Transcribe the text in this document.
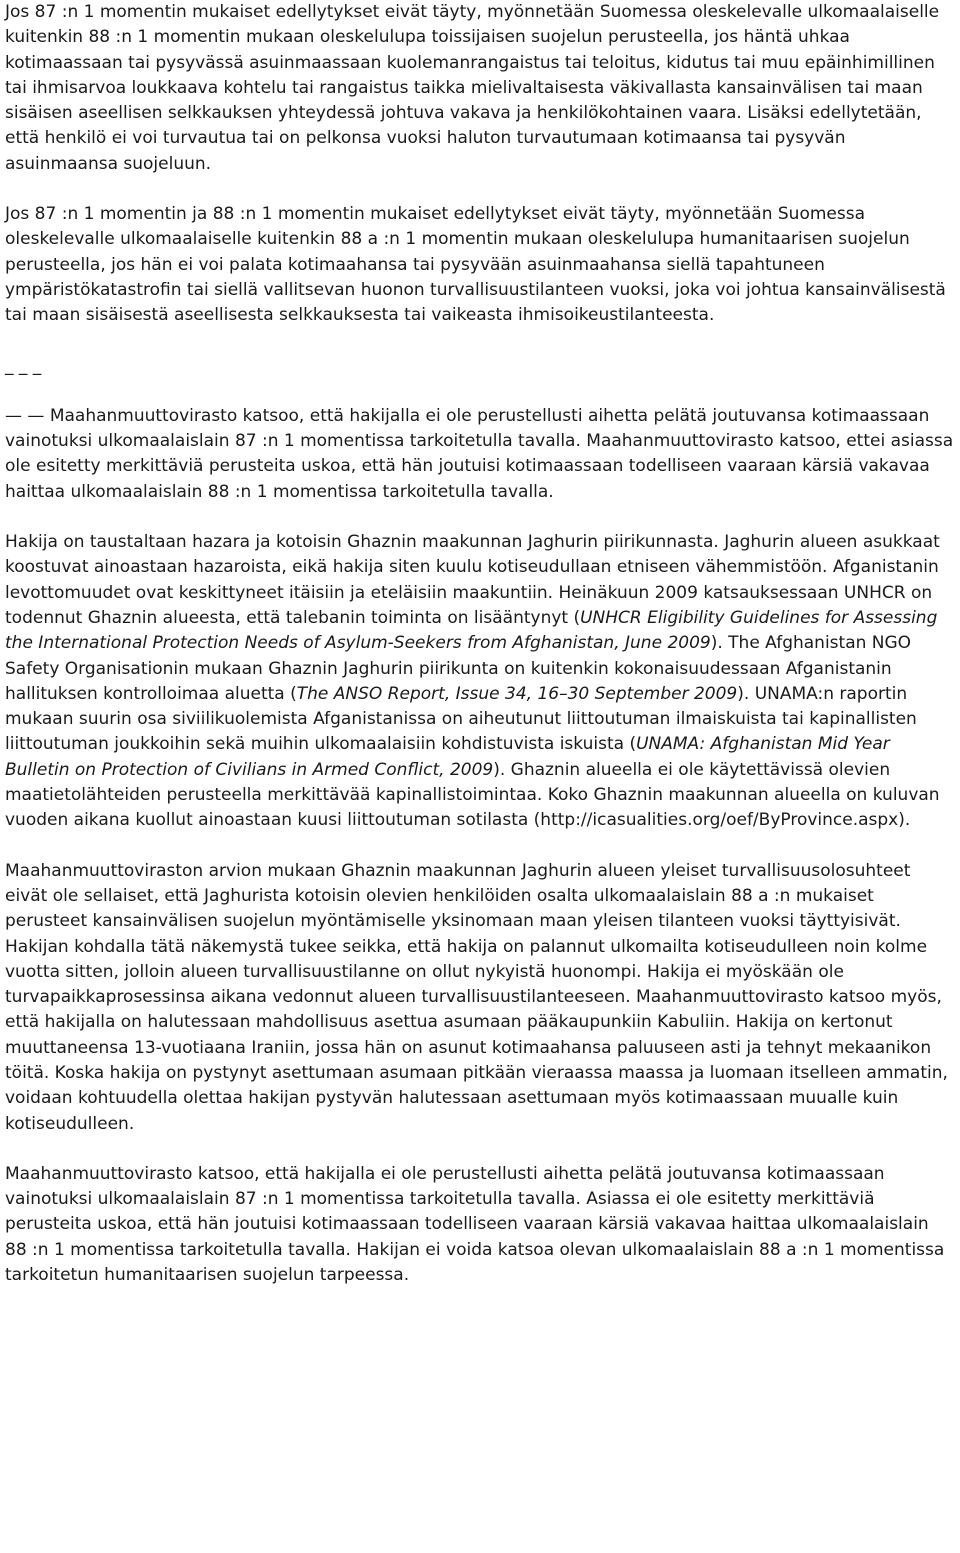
Jos 87 :n 1 momentin mukaiset edellytykset eivät täyty, myönnetään Suomessa oleskelevalle ulkomaalaiselle kuitenkin 88 :n 1 momentin mukaan oleskelulupa toissijaisen suojelun perusteella, jos häntä uhkaa kotimaassaan tai pysyvässä asuinmaassaan kuolemanrangaistus tai teloitus, kidutus tai muu epäinhimillinen tai ihmisarvoa loukkaava kohtelu tai rangaistus taikka mielivaltaisesta väkivallasta kansainvälisen tai maan sisäisen aseellisen selkkauksen yhteydessä johtuva vakava ja henkilökohtainen vaara. Lisäksi edellytetään, että henkilö ei voi turvautua tai on pelkonsa vuoksi haluton turvautumaan kotimaansa tai pysyvän asuinmaansa suojeluun.

Jos 87 :n 1 momentin ja 88 :n 1 momentin mukaiset edellytykset eivät täyty, myönnetään Suomessa oleskelevalle ulkomaalaiselle kuitenkin 88 a :n 1 momentin mukaan oleskelulupa humanitaarisen suojelun perusteella, jos hän ei voi palata kotimaahansa tai pysyvään asuinmaahansa siellä tapahtuneen ympäristökatastrofin tai siellä vallitsevan huonon turvallisuustilanteen vuoksi, joka voi johtua kansainvälisestä tai maan sisäisestä aseellisesta selkkauksesta tai vaikeasta ihmisoikeustilanteesta.

_ _ _

— — Maahanmuuttovirasto katsoo, että hakijalla ei ole perustellusti aihetta pelätä joutuvansa kotimaassaan vainotuksi ulkomaalaislain 87 :n 1 momentissa tarkoitetulla tavalla. Maahanmuuttovirasto katsoo, ettei asiassa ole esitetty merkittäviä perusteita uskoa, että hän joutuisi kotimaassaan todelliseen vaaraan kärsiä vakavaa haittaa ulkomaalaislain 88 :n 1 momentissa tarkoitetulla tavalla.

Hakija on taustaltaan hazara ja kotoisin Ghaznin maakunnan Jaghurin piirikunnasta. Jaghurin alueen asukkaat koostuvat ainoastaan hazaroista, eikä hakija siten kuulu kotiseudullaan etniseen vähemmistöön. Afganistanin levottomuudet ovat keskittyneet itäisiin ja eteläisiin maakuntiin. Heinäkuun 2009 katsauksessaan UNHCR on todennut Ghaznin alueesta, että talebanin toiminta on lisääntynyt (UNHCR Eligibility Guidelines for Assessing the International Protection Needs of Asylum-Seekers from Afghanistan, June 2009). The Afghanistan NGO Safety Organisationin mukaan Ghaznin Jaghurin piirikunta on kuitenkin kokonaisuudessaan Afganistanin hallituksen kontrolloimaa aluetta (The ANSO Report, Issue 34, 16–30 September 2009). UNAMA:n raportin mukaan suurin osa siviilikuolemista Afganistanissa on aiheutunut liittoutuman ilmaiskuista tai kapinallisten liittoutuman joukkoihin sekä muihin ulkomaalaisiin kohdistuvista iskuista (UNAMA: Afghanistan Mid Year Bulletin on Protection of Civilians in Armed Conflict, 2009). Ghaznin alueella ei ole käytettävissä olevien maatietolähteiden perusteella merkittävää kapinallistoimintaa. Koko Ghaznin maakunnan alueella on kuluvan vuoden aikana kuollut ainoastaan kuusi liittoutuman sotilasta (http://icasualities.org/oef/ByProvince.aspx).

Maahanmuuttoviraston arvion mukaan Ghaznin maakunnan Jaghurin alueen yleiset turvallisuusolosuhteet eivät ole sellaiset, että Jaghurista kotoisin olevien henkilöiden osalta ulkomaalaislain 88 a :n mukaiset perusteet kansainvälisen suojelun myöntämiselle yksinomaan maan yleisen tilanteen vuoksi täyttyisivät. Hakijan kohdalla tätä näkemystä tukee seikka, että hakija on palannut ulkomailta kotiseudulleen noin kolme vuotta sitten, jolloin alueen turvallisuustilanne on ollut nykyistä huonompi. Hakija ei myöskään ole turvapaikkaprosessinsa aikana vedonnut alueen turvallisuustilanteeseen. Maahanmuuttovirasto katsoo myös, että hakijalla on halutessaan mahdollisuus asettua asumaan pääkaupunkiin Kabuliin. Hakija on kertonut muuttaneensa 13-vuotiaana Iraniin, jossa hän on asunut kotimaahansa paluuseen asti ja tehnyt mekaanikon töitä. Koska hakija on pystynyt asettumaan asumaan pitkään vieraassa maassa ja luomaan itselleen ammatin, voidaan kohtuudella olettaa hakijan pystyvän halutessaan asettumaan myös kotimaassaan muualle kuin kotiseudulleen.

Maahanmuuttovirasto katsoo, että hakijalla ei ole perustellusti aihetta pelätä joutuvansa kotimaassaan vainotuksi ulkomaalaislain 87 :n 1 momentissa tarkoitetulla tavalla. Asiassa ei ole esitetty merkittäviä perusteita uskoa, että hän joutuisi kotimaassaan todelliseen vaaraan kärsiä vakavaa haittaa ulkomaalaislain 88 :n 1 momentissa tarkoitetulla tavalla. Hakijan ei voida katsoa olevan ulkomaalaislain 88 a :n 1 momentissa tarkoitetun humanitaarisen suojelun tarpeessa.
